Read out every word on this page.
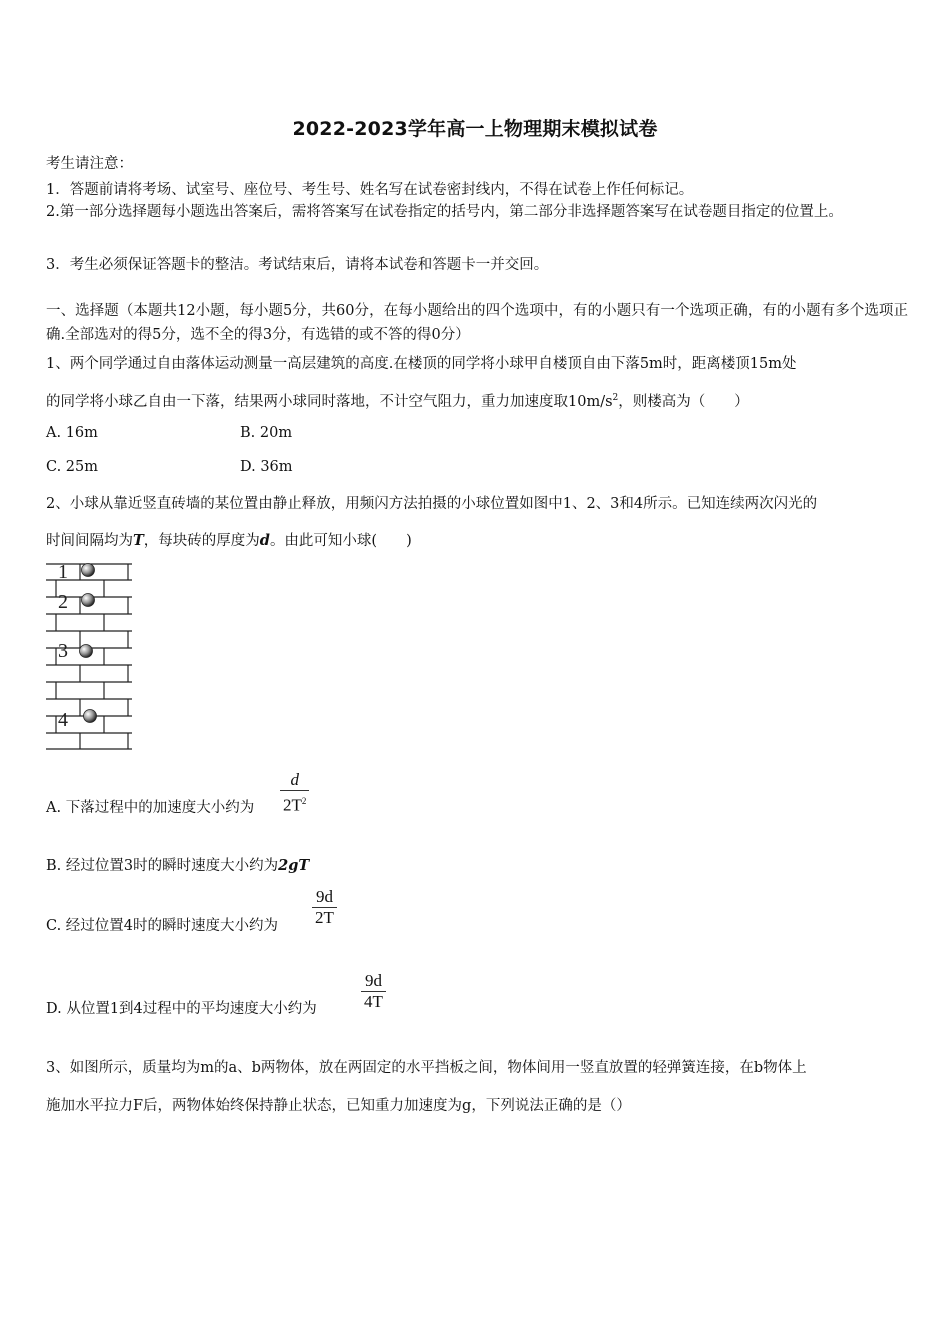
2022-2023学年高一上物理期末模拟试卷
考生请注意：
1．答题前请将考场、试室号、座位号、考生号、姓名写在试卷密封线内，不得在试卷上作任何标记。
2.第一部分选择题每小题选出答案后，需将答案写在试卷指定的括号内，第二部分非选择题答案写在试卷题目指定的位置上。
3．考生必须保证答题卡的整洁。考试结束后，请将本试卷和答题卡一并交回。
一、选择题（本题共12小题，每小题5分，共60分，在每小题给出的四个选项中，有的小题只有一个选项正确，有的小题有多个选项正确.全部选对的得5分，选不全的得3分，有选错的或不答的得0分）
1、两个同学通过自由落体运动测量一高层建筑的高度.在楼顶的同学将小球甲自楼顶自由下落5m时，距离楼顶15m处
的同学将小球乙自由一下落，结果两小球同时落地，不计空气阻力，重力加速度取$10m/s^2$，则楼高为（　　）
A. 16m	B. 20m
C. 25m	D. 36m
2、小球从靠近竖直砖墙的某位置由静止释放，用频闪方法拍摄的小球位置如图中1、2、3和4所示。已知连续两次闪光的
时间间隔均为T，每块砖的厚度为d。由此可知小球(　　)
1
2
3
4
A. 下落过程中的加速度大小约为 $\frac{d}{2T^2}$
B. 经过位置3时的瞬时速度大小约为2gT
C. 经过位置4时的瞬时速度大小约为 $\frac{9d}{2T}$
D. 从位置1到4过程中的平均速度大小约为	$\frac{9d}{4T}$
3、如图所示，质量均为m的a、b两物体，放在两固定的水平挡板之间，物体间用一竖直放置的轻弹簧连接，在b物体上
施加水平拉力F后，两物体始终保持静止状态，已知重力加速度为g，下列说法正确的是（）
